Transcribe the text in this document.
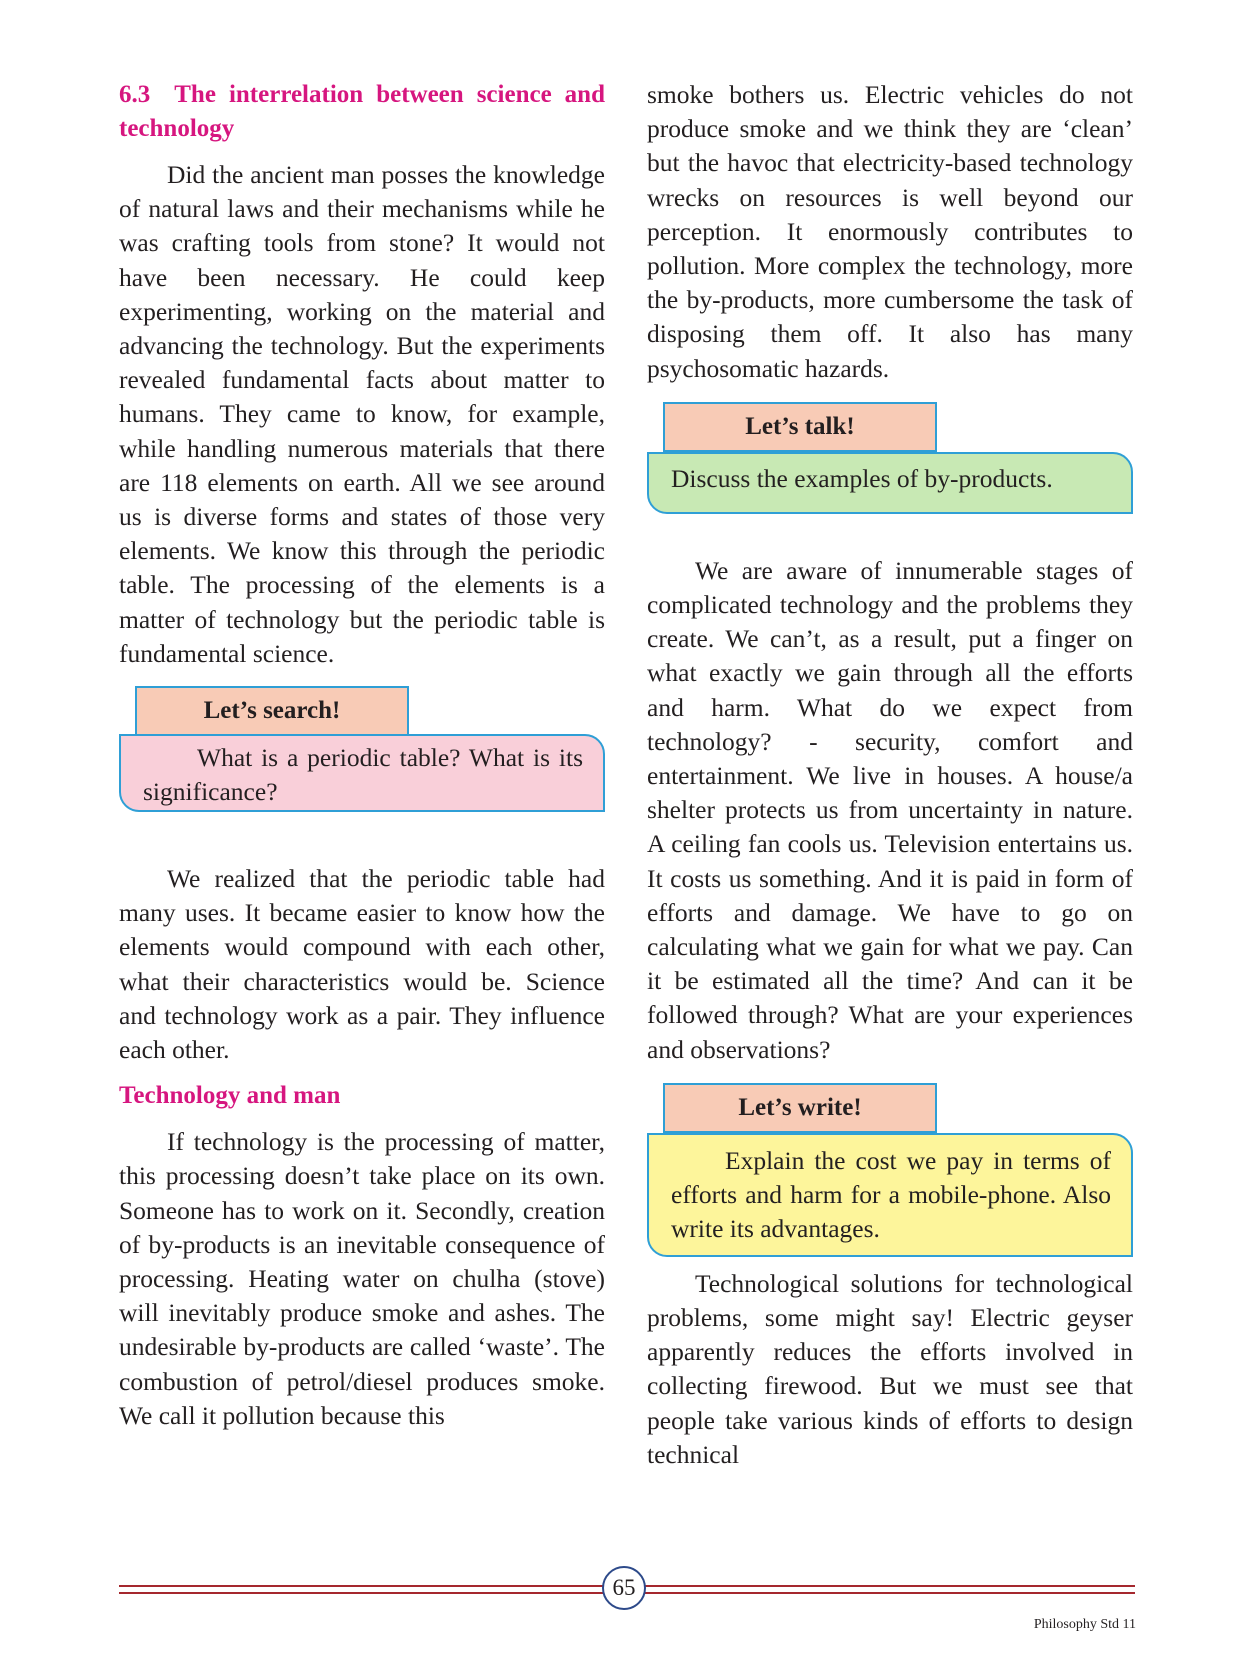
6.3 The interrelation between science and technology

Did the ancient man posses the knowledge of natural laws and their mechanisms while he was crafting tools from stone? It would not have been necessary. He could keep experimenting, working on the material and advancing the technology. But the experiments revealed fundamental facts about matter to humans. They came to know, for example, while handling numerous materials that there are 118 elements on earth. All we see around us is diverse forms and states of those very elements. We know this through the periodic table. The processing of the elements is a matter of technology but the periodic table is fundamental science.

Let’s search!
What is a periodic table? What is its significance?

We realized that the periodic table had many uses. It became easier to know how the elements would compound with each other, what their characteristics would be. Science and technology work as a pair. They influence each other.

Technology and man

If technology is the processing of matter, this processing doesn’t take place on its own. Someone has to work on it. Secondly, creation of by-products is an inevitable consequence of processing. Heating water on chulha (stove) will inevitably produce smoke and ashes. The undesirable by-products are called ‘waste’. The combustion of petrol/diesel produces smoke. We call it pollution because this

smoke bothers us. Electric vehicles do not produce smoke and we think they are ‘clean’ but the havoc that electricity-based technology wrecks on resources is well beyond our perception. It enormously contributes to pollution. More complex the technology, more the by-products, more cumbersome the task of disposing them off. It also has many psychosomatic hazards.

Let’s talk!
Discuss the examples of by-products.

We are aware of innumerable stages of complicated technology and the problems they create. We can’t, as a result, put a finger on what exactly we gain through all the efforts and harm. What do we expect from technology? - security, comfort and entertainment. We live in houses. A house/a shelter protects us from uncertainty in nature. A ceiling fan cools us. Television entertains us. It costs us something. And it is paid in form of efforts and damage. We have to go on calculating what we gain for what we pay. Can it be estimated all the time? And can it be followed through? What are your experiences and observations?

Let’s write!
Explain the cost we pay in terms of efforts and harm for a mobile-phone. Also write its advantages.

Technological solutions for technological problems, some might say! Electric geyser apparently reduces the efforts involved in collecting firewood. But we must see that people take various kinds of efforts to design technical

65
Philosophy Std 11
